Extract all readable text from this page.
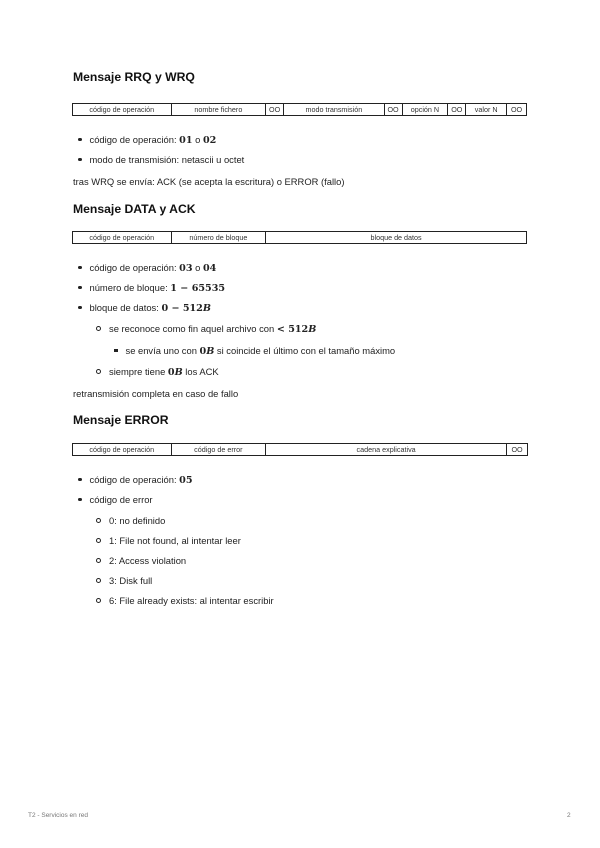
Mensaje RRQ y WRQ
código de operación	nombre fichero	OO	modo transmisión	OO	opción N	OO	valor N	OO
código de operación: 01 o 02
modo de transmisión: netascii u octet
tras WRQ se envía: ACK (se acepta la escritura) o ERROR (fallo)
Mensaje DATA y ACK
código de operación	número de bloque	bloque de datos
código de operación: 03 o 04
número de bloque: 1 − 65535
bloque de datos: 0 − 512B
se reconoce como fin aquel archivo con < 512B
se envía uno con 0B si coincide el último con el tamaño máximo
siempre tiene 0B los ACK
retransmisión completa en caso de fallo
Mensaje ERROR
código de operación	código de error	cadena explicativa	OO
código de operación: 05
código de error
0: no definido
1: File not found, al intentar leer
2: Access violation
3: Disk full
6: File already exists: al intentar escribir
T2 - Servicios en red	2
